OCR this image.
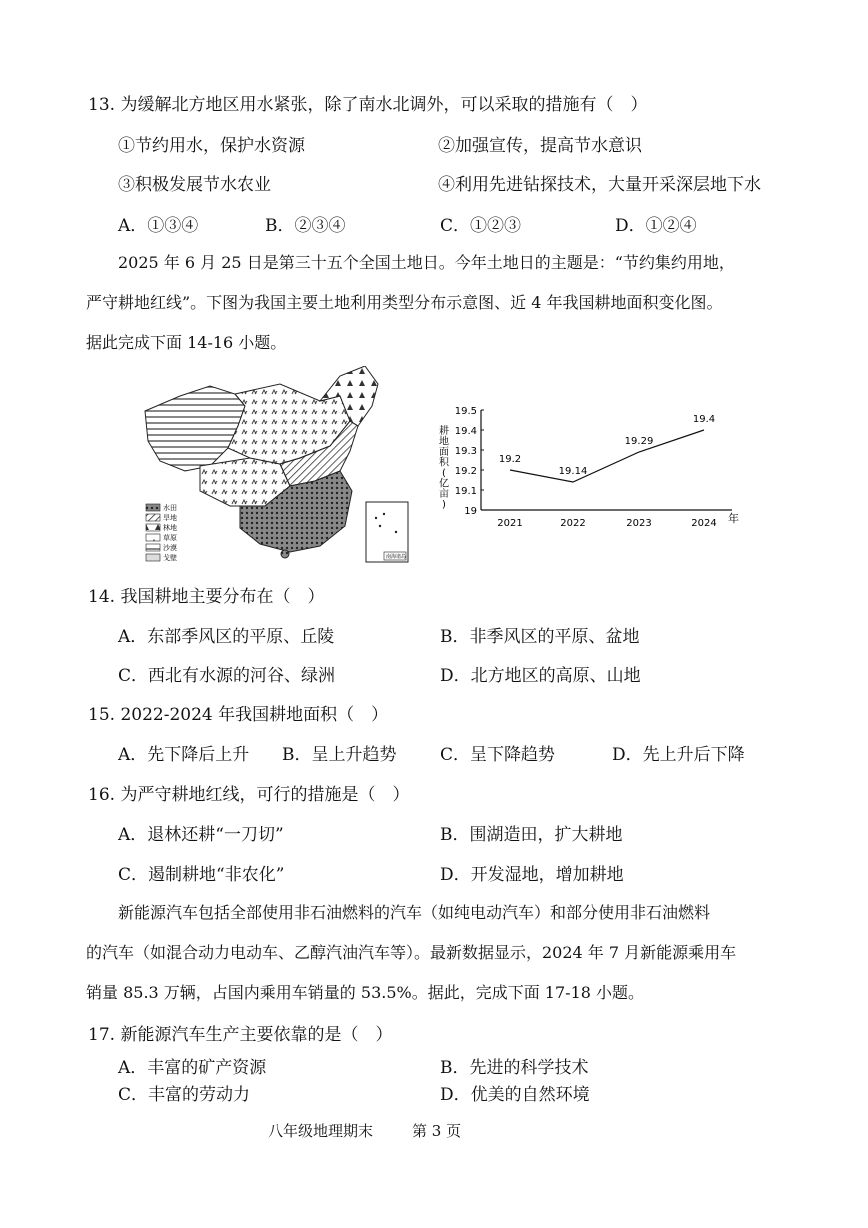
13. 为缓解北方地区用水紧张，除了南水北调外，可以采取的措施有（　）
①节约用水，保护水资源	②加强宣传，提高节水意识
③积极发展节水农业	④利用先进钻探技术，大量开采深层地下水
A．①③④	B．②③④	C．①②③	D．①②④
2025 年 6 月 25 日是第三十五个全国土地日。今年土地日的主题是：“节约集约用地，
严守耕地红线”。下图为我国主要土地利用类型分布示意图、近 4 年我国耕地面积变化图。
据此完成下面 14-16 小题。
水田
旱地
林地
草原
沙漠
戈壁	南海诸岛
耕
地
面
积
(
亿
亩
)
19.5
19.4
19.3
19.2
19.1
19
2021	2022	2023	2024
19.2
19.14
19.29
19.4
年
14. 我国耕地主要分布在（　）
A．东部季风区的平原、丘陵	B．非季风区的平原、盆地
C．西北有水源的河谷、绿洲	D．北方地区的高原、山地
15. 2022-2024 年我国耕地面积（　）
A．先下降后上升 B．呈上升趋势	C．呈下降趋势	D．先上升后下降
16. 为严守耕地红线，可行的措施是（　）
A．退林还耕“一刀切”	B．围湖造田，扩大耕地
C．遏制耕地“非农化”	D．开发湿地，增加耕地
新能源汽车包括全部使用非石油燃料的汽车（如纯电动汽车）和部分使用非石油燃料
的汽车（如混合动力电动车、乙醇汽油汽车等）。最新数据显示，2024 年 7 月新能源乘用车
销量 85.3 万辆，占国内乘用车销量的 53.5%。据此，完成下面 17-18 小题。
17. 新能源汽车生产主要依靠的是（　）
A．丰富的矿产资源	B．先进的科学技术
C．丰富的劳动力	D．优美的自然环境
八年级地理期末	第 3 页
